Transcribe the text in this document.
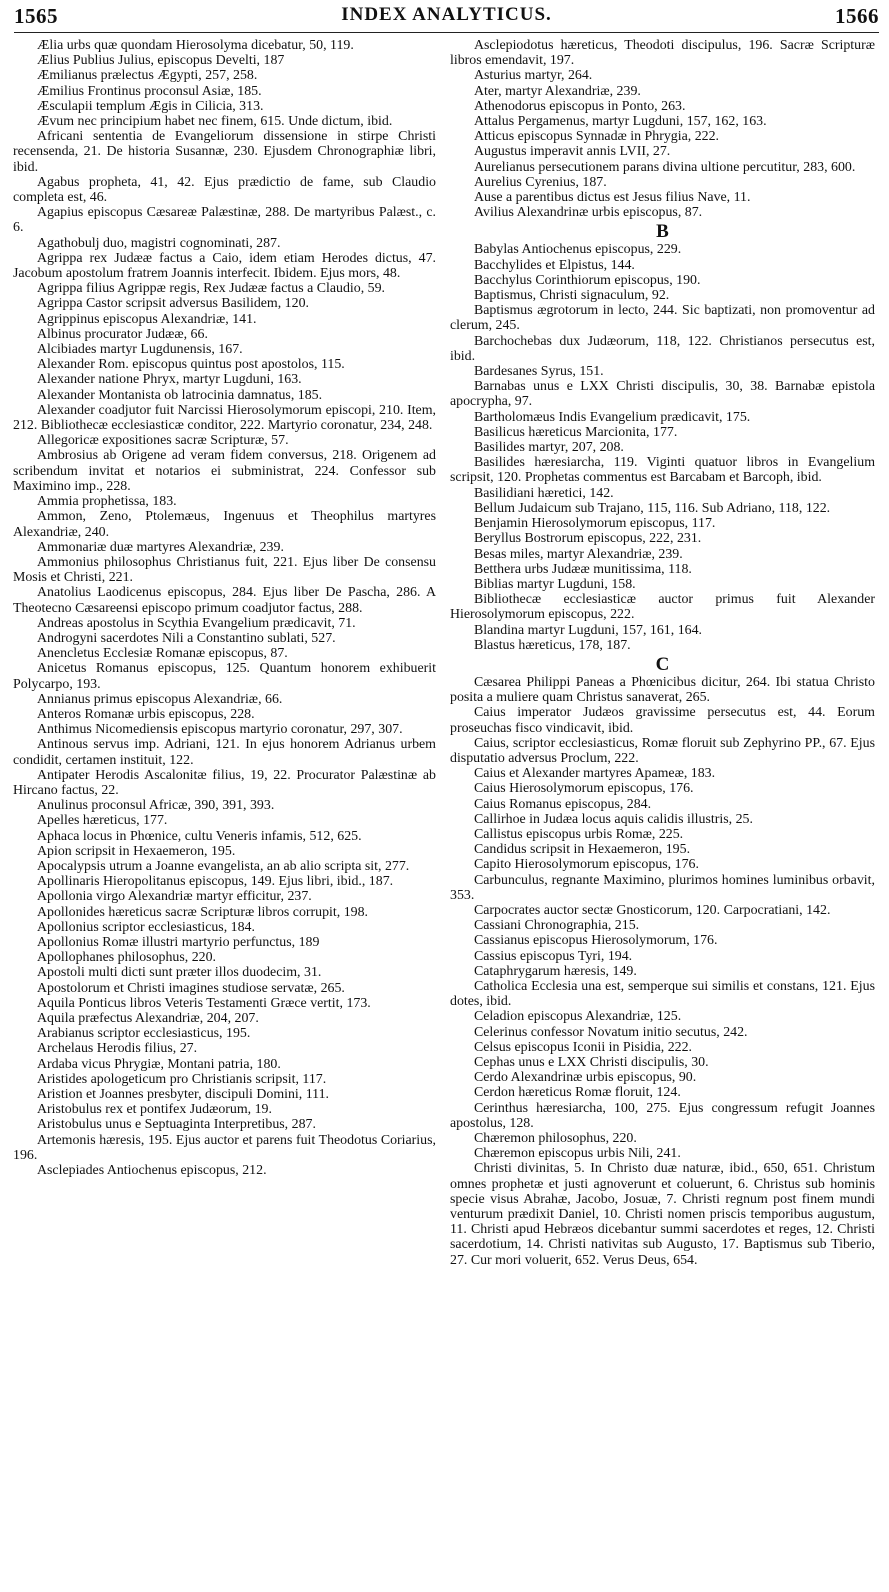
1565	INDEX ANALYTICUS.	1566

Ælia urbs quæ quondam Hierosolyma dicebatur, 50, 119.

Ælius Publius Julius, episcopus Develti, 187

Æmilianus prælectus Ægypti, 257, 258.

Æmilius Frontinus proconsul Asiæ, 185.

Æsculapii templum Ægis in Cilicia, 313.

Ævum nec principium habet nec finem, 615. Unde dictum, ibid.

Africani sententia de Evangeliorum dissensione in stirpe Christi recensenda, 21. De historia Susannæ, 230. Ejusdem Chronographiæ libri, ibid.

Agabus propheta, 41, 42. Ejus prædictio de fame, sub Claudio completa est, 46.

Agapius episcopus Cæsareæ Palæstinæ, 288. De martyribus Palæst., c. 6.

Agathobulj duo, magistri cognominati, 287.

Agrippa rex Judææ factus a Caio, idem etiam Herodes dictus, 47. Jacobum apostolum fratrem Joannis interfecit. Ibidem. Ejus mors, 48.

Agrippa filius Agrippæ regis, Rex Judææ factus a Claudio, 59.

Agrippa Castor scripsit adversus Basilidem, 120.

Agrippinus episcopus Alexandriæ, 141.

Albinus procurator Judææ, 66.

Alcibiades martyr Lugdunensis, 167.

Alexander Rom. episcopus quintus post apostolos, 115.

Alexander natione Phryx, martyr Lugduni, 163.

Alexander Montanista ob latrocinia damnatus, 185.

Alexander coadjutor fuit Narcissi Hierosolymorum episcopi, 210. Item, 212. Bibliothecæ ecclesiasticæ conditor, 222. Martyrio coronatur, 234, 248.

Allegoricæ expositiones sacræ Scripturæ, 57.

Ambrosius ab Origene ad veram fidem conversus, 218. Origenem ad scribendum invitat et notarios ei subministrat, 224. Confessor sub Maximino imp., 228.

Ammia prophetissa, 183.

Ammon, Zeno, Ptolemæus, Ingenuus et Theophilus martyres Alexandriæ, 240.

Ammonariæ duæ martyres Alexandriæ, 239.

Ammonius philosophus Christianus fuit, 221. Ejus liber De consensu Mosis et Christi, 221.

Anatolius Laodicenus episcopus, 284. Ejus liber De Pascha, 286. A Theotecno Cæsareensi episcopo primum coadjutor factus, 288.

Andreas apostolus in Scythia Evangelium prædicavit, 71.

Androgyni sacerdotes Nili a Constantino sublati, 527.

Anencletus Ecclesiæ Romanæ episcopus, 87.

Anicetus Romanus episcopus, 125. Quantum honorem exhibuerit Polycarpo, 193.

Annianus primus episcopus Alexandriæ, 66.

Anteros Romanæ urbis episcopus, 228.

Anthimus Nicomediensis episcopus martyrio coronatur, 297, 307.

Antinous servus imp. Adriani, 121. In ejus honorem Adrianus urbem condidit, certamen instituit, 122.

Antipater Herodis Ascalonitæ filius, 19, 22. Procurator Palæstinæ ab Hircano factus, 22.

Anulinus proconsul Africæ, 390, 391, 393.

Apelles hæreticus, 177.

Aphaca locus in Phœnice, cultu Veneris infamis, 512, 625.

Apion scripsit in Hexaemeron, 195.

Apocalypsis utrum a Joanne evangelista, an ab alio scripta sit, 277.

Apollinaris Hieropolitanus episcopus, 149. Ejus libri, ibid., 187.

Apollonia virgo Alexandriæ martyr efficitur, 237.

Apollonides hæreticus sacræ Scripturæ libros corrupit, 198.

Apollonius scriptor ecclesiasticus, 184.

Apollonius Romæ illustri martyrio perfunctus, 189

Apollophanes philosophus, 220.

Apostoli multi dicti sunt præter illos duodecim, 31.

Apostolorum et Christi imagines studiose servatæ, 265.

Aquila Ponticus libros Veteris Testamenti Græce vertit, 173.

Aquila præfectus Alexandriæ, 204, 207.

Arabianus scriptor ecclesiasticus, 195.

Archelaus Herodis filius, 27.

Ardaba vicus Phrygiæ, Montani patria, 180.

Aristides apologeticum pro Christianis scripsit, 117.

Aristion et Joannes presbyter, discipuli Domini, 111.

Aristobulus rex et pontifex Judæorum, 19.

Aristobulus unus e Septuaginta Interpretibus, 287.

Artemonis hæresis, 195. Ejus auctor et parens fuit Theodotus Coriarius, 196.

Asclepiades Antiochenus episcopus, 212.

Asclepiodotus hæreticus, Theodoti discipulus, 196. Sacræ Scripturæ libros emendavit, 197.

Asturius martyr, 264.

Ater, martyr Alexandriæ, 239.

Athenodorus episcopus in Ponto, 263.

Attalus Pergamenus, martyr Lugduni, 157, 162, 163.

Atticus episcopus Synnadæ in Phrygia, 222.

Augustus imperavit annis LVII, 27.

Aurelianus persecutionem parans divina ultione percutitur, 283, 600.

Aurelius Cyrenius, 187.

Ause a parentibus dictus est Jesus filius Nave, 11.

Avilius Alexandrinæ urbis episcopus, 87.

B

Babylas Antiochenus episcopus, 229.

Bacchylides et Elpistus, 144.

Bacchylus Corinthiorum episcopus, 190.

Baptismus, Christi signaculum, 92.

Baptismus ægrotorum in lecto, 244. Sic baptizati, non promoventur ad clerum, 245.

Barchochebas dux Judæorum, 118, 122. Christianos persecutus est, ibid.

Bardesanes Syrus, 151.

Barnabas unus e LXX Christi discipulis, 30, 38. Barnabæ epistola apocrypha, 97.

Bartholomæus Indis Evangelium prædicavit, 175.

Basilicus hæreticus Marcionita, 177.

Basilides martyr, 207, 208.

Basilides hæresiarcha, 119. Viginti quatuor libros in Evangelium scripsit, 120. Prophetas commentus est Barcabam et Barcoph, ibid.

Basilidiani hæretici, 142.

Bellum Judaicum sub Trajano, 115, 116. Sub Adriano, 118, 122.

Benjamin Hierosolymorum episcopus, 117.

Beryllus Bostrorum episcopus, 222, 231.

Besas miles, martyr Alexandriæ, 239.

Betthera urbs Judææ munitissima, 118.

Biblias martyr Lugduni, 158.

Bibliothecæ ecclesiasticæ auctor primus fuit Alexander Hierosolymorum episcopus, 222.

Blandina martyr Lugduni, 157, 161, 164.

Blastus hæreticus, 178, 187.

C

Cæsarea Philippi Paneas a Phœnicibus dicitur, 264. Ibi statua Christo posita a muliere quam Christus sanaverat, 265.

Caius imperator Judæos gravissime persecutus est, 44. Eorum proseuchas fisco vindicavit, ibid.

Caius, scriptor ecclesiasticus, Romæ floruit sub Zephyrino PP., 67. Ejus disputatio adversus Proclum, 222.

Caius et Alexander martyres Apameæ, 183.

Caius Hierosolymorum episcopus, 176.

Caius Romanus episcopus, 284.

Callirhoe in Judæa locus aquis calidis illustris, 25.

Callistus episcopus urbis Romæ, 225.

Candidus scripsit in Hexaemeron, 195.

Capito Hierosolymorum episcopus, 176.

Carbunculus, regnante Maximino, plurimos homines luminibus orbavit, 353.

Carpocrates auctor sectæ Gnosticorum, 120. Carpocratiani, 142.

Cassiani Chronographia, 215.

Cassianus episcopus Hierosolymorum, 176.

Cassius episcopus Tyri, 194.

Cataphrygarum hæresis, 149.

Catholica Ecclesia una est, semperque sui similis et constans, 121. Ejus dotes, ibid.

Celadion episcopus Alexandriæ, 125.

Celerinus confessor Novatum initio secutus, 242.

Celsus episcopus Iconii in Pisidia, 222.

Cephas unus e LXX Christi discipulis, 30.

Cerdo Alexandrinæ urbis episcopus, 90.

Cerdon hæreticus Romæ floruit, 124.

Cerinthus hæresiarcha, 100, 275. Ejus congressum refugit Joannes apostolus, 128.

Chæremon philosophus, 220.

Chæremon episcopus urbis Nili, 241.

Christi divinitas, 5. In Christo duæ naturæ, ibid., 650, 651. Christum omnes prophetæ et justi agnoverunt et coluerunt, 6. Christus sub hominis specie visus Abrahæ, Jacobo, Josuæ, 7. Christi regnum post finem mundi venturum prædixit Daniel, 10. Christi nomen priscis temporibus augustum, 11. Christi apud Hebræos dicebantur summi sacerdotes et reges, 12. Christi sacerdotium, 14. Christi nativitas sub Augusto, 17. Baptismus sub Tiberio, 27. Cur mori voluerit, 652. Verus Deus, 654.
